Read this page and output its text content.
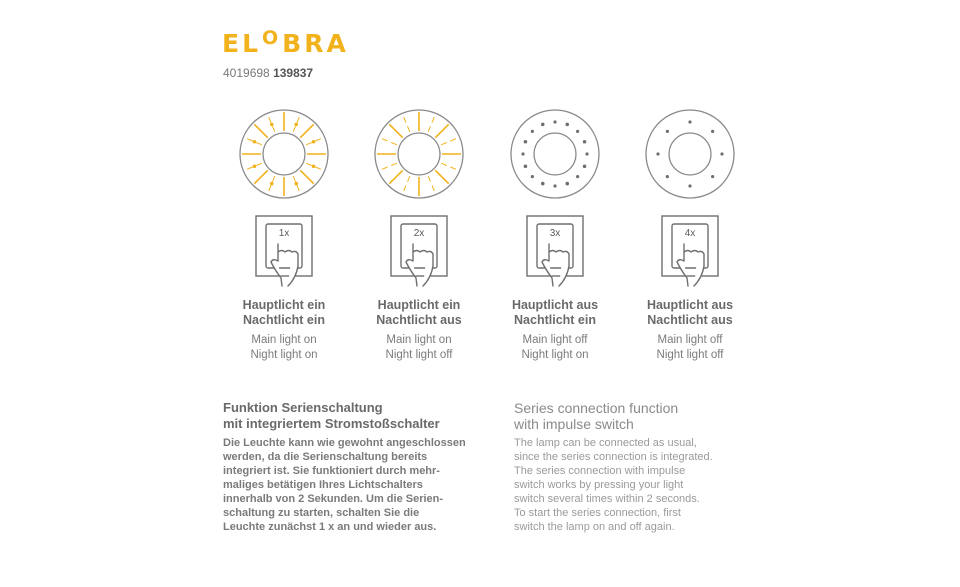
EL O BRA
4019698 139837
1x
Hauptlicht ein
Nachtlicht ein
Main light on
Night light on
2x
Hauptlicht ein
Nachtlicht aus
Main light on
Night light off
3x
Hauptlicht aus
Nachtlicht ein
Main light off
Night light on
4x
Hauptlicht aus
Nachtlicht aus
Main light off
Night light off
Funktion Serienschaltung
mit integriertem Stromstoßschalter
Die Leuchte kann wie gewohnt angeschlossen
werden, da die Serienschaltung bereits
integriert ist. Sie funktioniert durch mehr-
maliges betätigen Ihres Lichtschalters
innerhalb von 2 Sekunden. Um die Serien-
schaltung zu starten, schalten Sie die
Leuchte zunächst 1 x an und wieder aus.
Series connection function
with impulse switch
The lamp can be connected as usual,
since the series connection is integrated.
The series connection with impulse
switch works by pressing your light
switch several times within 2 seconds.
To start the series connection, first
switch the lamp on and off again.
